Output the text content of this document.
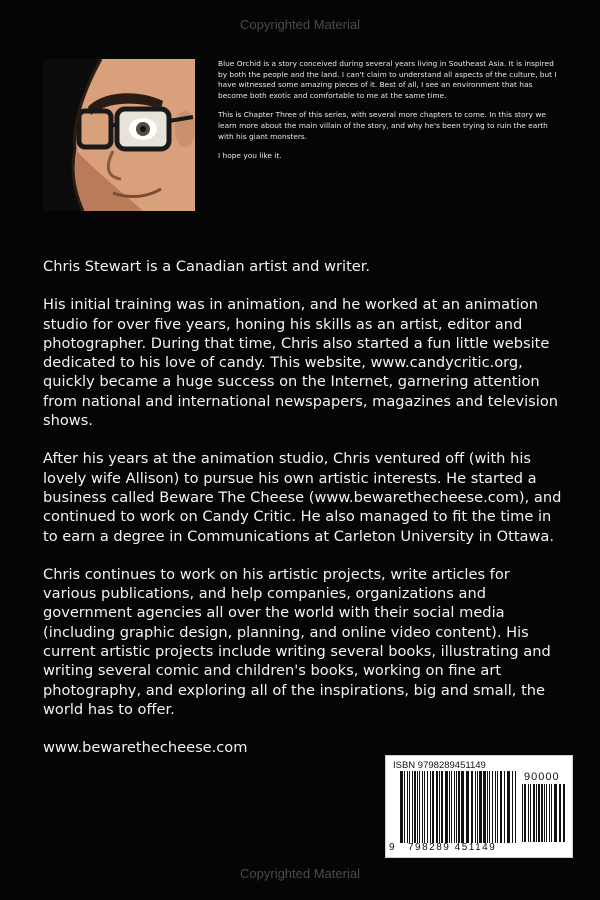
Copyrighted Material

Blue Orchid is a story conceived during several years living in Southeast Asia. It is inspired by both the people and the land. I can't claim to understand all aspects of the culture, but I have witnessed some amazing pieces of it. Best of all, I see an environment that has become both exotic and comfortable to me at the same time.

This is Chapter Three of this series, with several more chapters to come. In this story we learn more about the main villain of the story, and why he's been trying to ruin the earth with his giant monsters.

I hope you like it.

Chris Stewart is a Canadian artist and writer.

His initial training was in animation, and he worked at an animation studio for over five years, honing his skills as an artist, editor and photographer. During that time, Chris also started a fun little website dedicated to his love of candy. This website, www.candycritic.org, quickly became a huge success on the Internet, garnering attention from national and international newspapers, magazines and television shows.

After his years at the animation studio, Chris ventured off (with his lovely wife Allison) to pursue his own artistic interests. He started a business called Beware The Cheese (www.bewarethecheese.com), and continued to work on Candy Critic. He also managed to fit the time in to earn a degree in Communications at Carleton University in Ottawa.

Chris continues to work on his artistic projects, write articles for various publications, and help companies, organizations and government agencies all over the world with their social media (including graphic design, planning, and online video content). His current artistic projects include writing several books, illustrating and writing several comic and children's books, working on fine art photography, and exploring all of the inspirations, big and small, the world has to offer.

www.bewarethecheese.com

ISBN 9798289451149
90000
9 798289 451149
Copyrighted Material
